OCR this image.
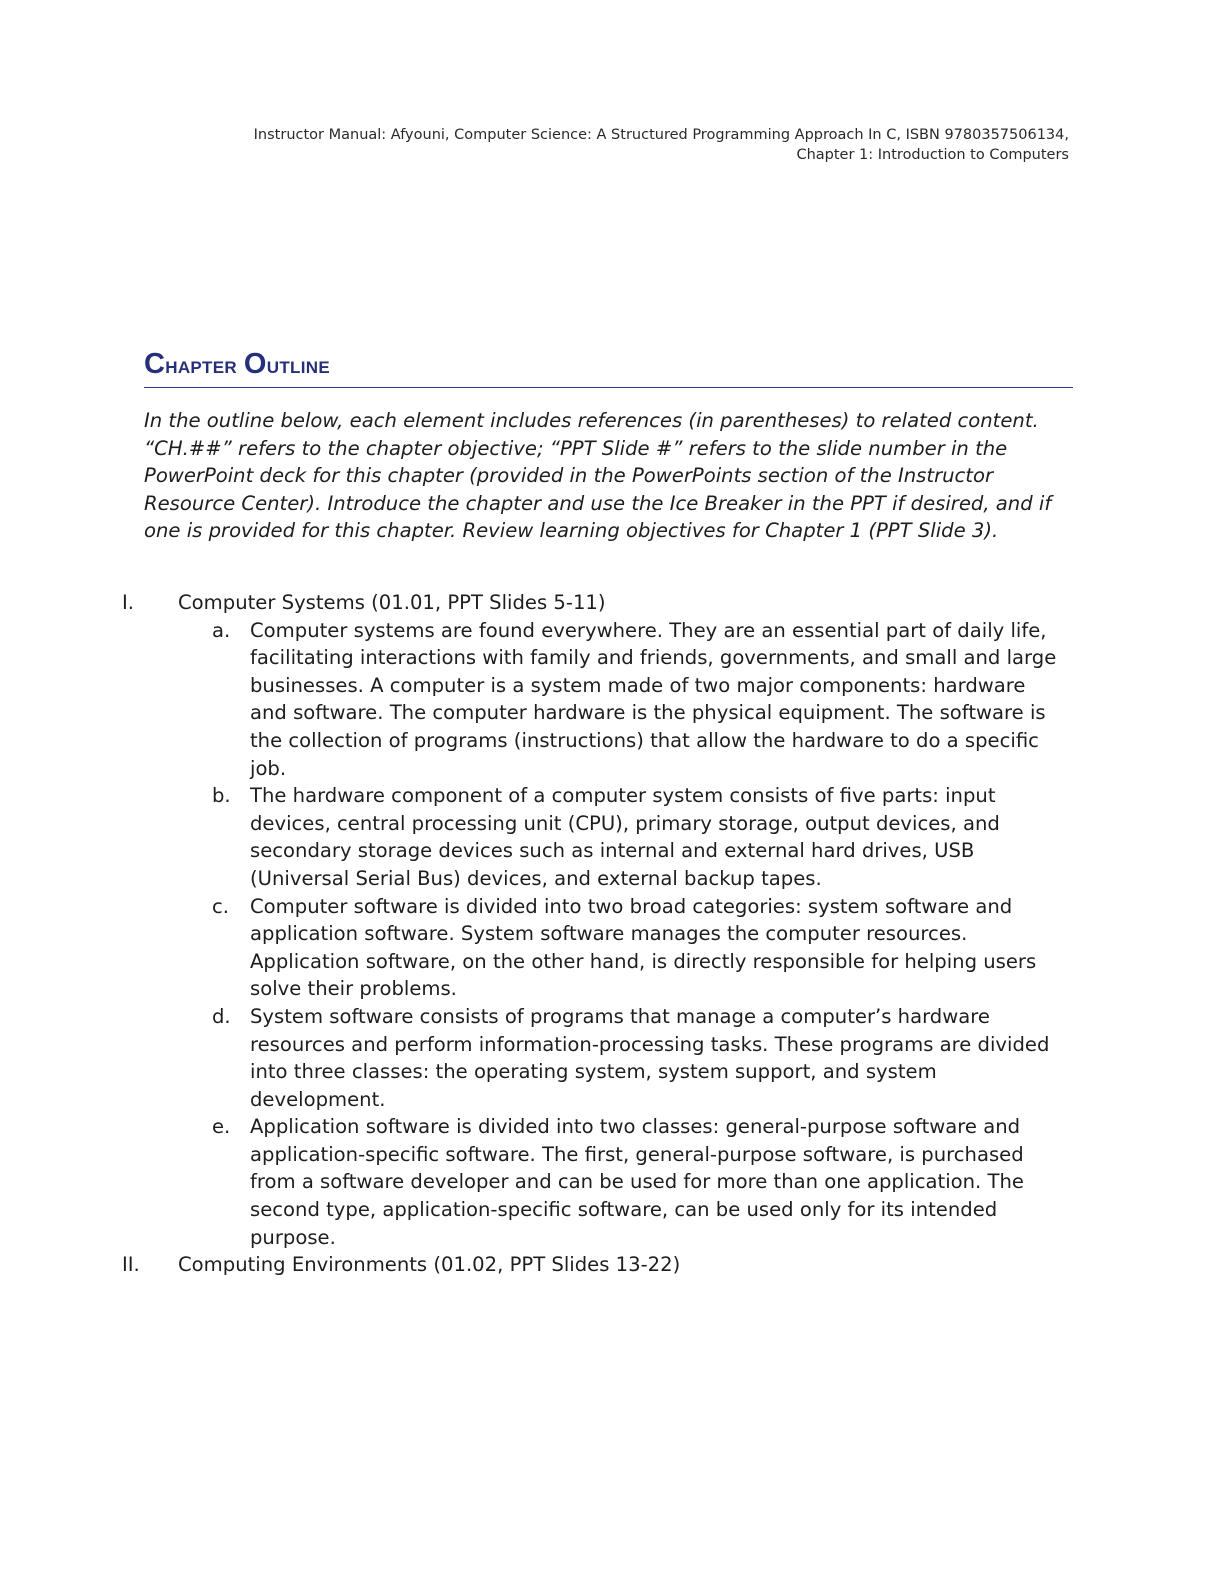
Instructor Manual: Afyouni, Computer Science: A Structured Programming Approach In C, ISBN 9780357506134,
Chapter 1: Introduction to Computers
Chapter Outline

In the outline below, each element includes references (in parentheses) to related content. “CH.##” refers to the chapter objective; “PPT Slide #” refers to the slide number in the PowerPoint deck for this chapter (provided in the PowerPoints section of the Instructor Resource Center). Introduce the chapter and use the Ice Breaker in the PPT if desired, and if one is provided for this chapter. Review learning objectives for Chapter 1 (PPT Slide 3).

I.	Computer Systems (01.01, PPT Slides 5-11)
a.	Computer systems are found everywhere. They are an essential part of daily life, facilitating interactions with family and friends, governments, and small and large businesses. A computer is a system made of two major components: hardware and software. The computer hardware is the physical equipment. The software is the collection of programs (instructions) that allow the hardware to do a specific job.
b. The hardware component of a computer system consists of five parts: input devices, central processing unit (CPU), primary storage, output devices, and secondary storage devices such as internal and external hard drives, USB (Universal Serial Bus) devices, and external backup tapes.
c.	Computer software is divided into two broad categories: system software and application software. System software manages the computer resources. Application software, on the other hand, is directly responsible for helping users solve their problems.
d. System software consists of programs that manage a computer’s hardware resources and perform information-processing tasks. These programs are divided into three classes: the operating system, system support, and system development.
e.	Application software is divided into two classes: general-purpose software and application-specific software. The first, general-purpose software, is purchased from a software developer and can be used for more than one application. The second type, application-specific software, can be used only for its intended purpose.
II.	Computing Environments (01.02, PPT Slides 13-22)
